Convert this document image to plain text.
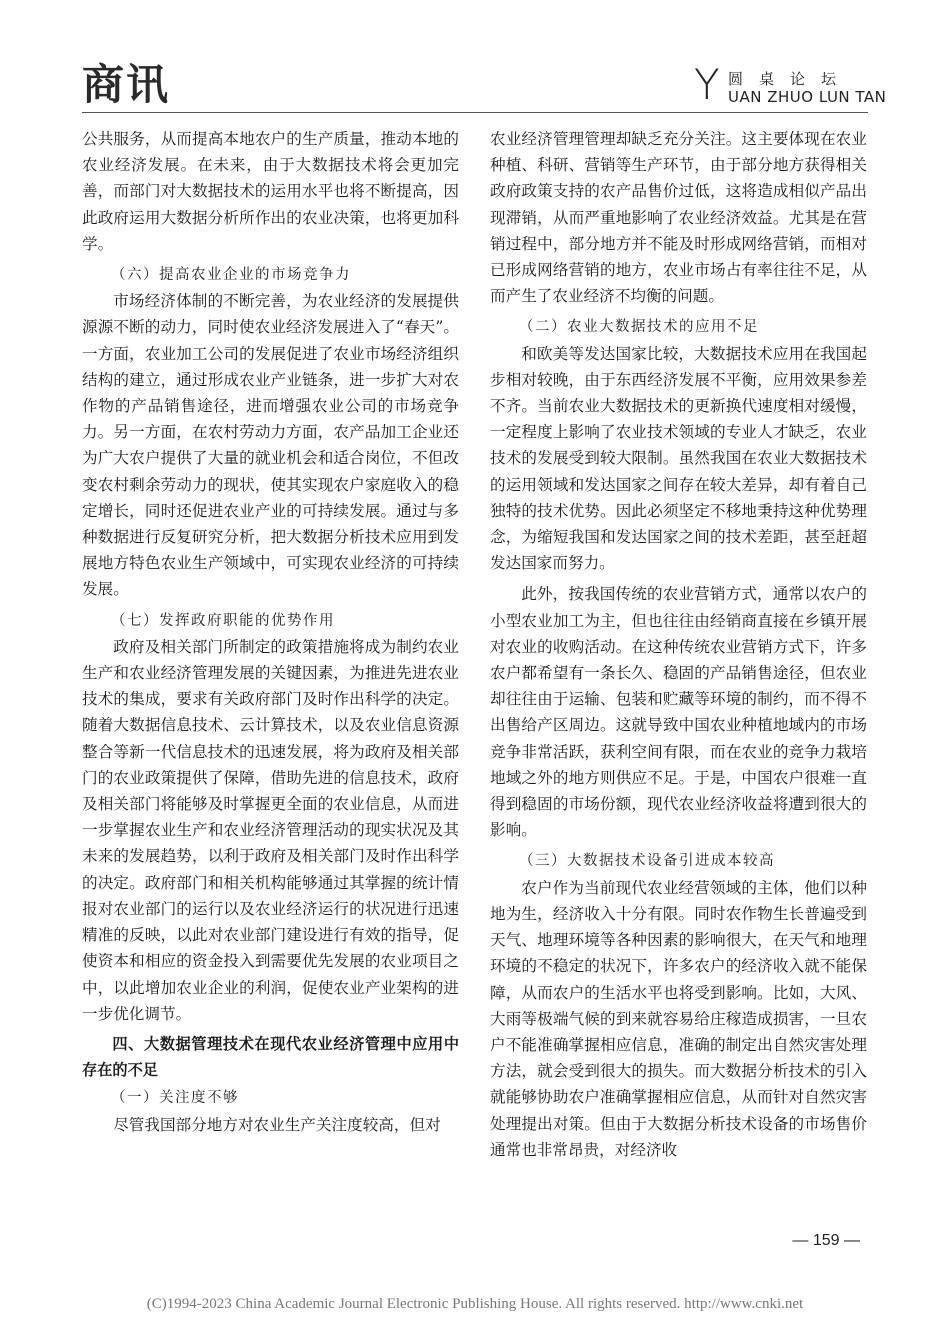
商讯	Y 圆桌论坛
UAN ZHUO LUN TAN

公共服务，从而提高本地农户的生产质量，推动本地的农业经济发展。在未来，由于大数据技术将会更加完善，而部门对大数据技术的运用水平也将不断提高，因此政府运用大数据分析所作出的农业决策，也将更加科学。

（六）提高农业企业的市场竞争力

市场经济体制的不断完善，为农业经济的发展提供源源不断的动力，同时使农业经济发展进入了“春天”。一方面，农业加工公司的发展促进了农业市场经济组织结构的建立，通过形成农业产业链条，进一步扩大对农作物的产品销售途径，进而增强农业公司的市场竞争力。另一方面，在农村劳动力方面，农产品加工企业还为广大农户提供了大量的就业机会和适合岗位，不但改变农村剩余劳动力的现状，使其实现农户家庭收入的稳定增长，同时还促进农业产业的可持续发展。通过与多种数据进行反复研究分析，把大数据分析技术应用到发展地方特色农业生产领域中，可实现农业经济的可持续发展。

（七）发挥政府职能的优势作用

政府及相关部门所制定的政策措施将成为制约农业生产和农业经济管理发展的关键因素，为推进先进农业技术的集成，要求有关政府部门及时作出科学的决定。随着大数据信息技术、云计算技术，以及农业信息资源整合等新一代信息技术的迅速发展，将为政府及相关部门的农业政策提供了保障，借助先进的信息技术，政府及相关部门将能够及时掌握更全面的农业信息，从而进一步掌握农业生产和农业经济管理活动的现实状况及其未来的发展趋势，以利于政府及相关部门及时作出科学的决定。政府部门和相关机构能够通过其掌握的统计情报对农业部门的运行以及农业经济运行的状况进行迅速精准的反映，以此对农业部门建设进行有效的指导，促使资本和相应的资金投入到需要优先发展的农业项目之中，以此增加农业企业的利润，促使农业产业架构的进一步优化调节。

四、大数据管理技术在现代农业经济管理中应用中存在的不足

（一）关注度不够

尽管我国部分地方对农业生产关注度较高，但对

农业经济管理管理却缺乏充分关注。这主要体现在农业种植、科研、营销等生产环节，由于部分地方获得相关政府政策支持的农产品售价过低，这将造成相似产品出现滞销，从而严重地影响了农业经济效益。尤其是在营销过程中，部分地方并不能及时形成网络营销，而相对已形成网络营销的地方，农业市场占有率往往不足，从而产生了农业经济不均衡的问题。

（二）农业大数据技术的应用不足

和欧美等发达国家比较，大数据技术应用在我国起步相对较晚，由于东西经济发展不平衡，应用效果参差不齐。当前农业大数据技术的更新换代速度相对缓慢，一定程度上影响了农业技术领域的专业人才缺乏，农业技术的发展受到较大限制。虽然我国在农业大数据技术的运用领域和发达国家之间存在较大差异，却有着自己独特的技术优势。因此必须坚定不移地秉持这种优势理念，为缩短我国和发达国家之间的技术差距，甚至赶超发达国家而努力。

此外，按我国传统的农业营销方式，通常以农户的小型农业加工为主，但也往往由经销商直接在乡镇开展对农业的收购活动。在这种传统农业营销方式下，许多农户都希望有一条长久、稳固的产品销售途径，但农业却往往由于运输、包装和贮藏等环境的制约，而不得不出售给产区周边。这就导致中国农业种植地域内的市场竞争非常活跃，获利空间有限，而在农业的竞争力栽培地域之外的地方则供应不足。于是，中国农户很难一直得到稳固的市场份额，现代农业经济收益将遭到很大的影响。

（三）大数据技术设备引进成本较高

农户作为当前现代农业经营领域的主体，他们以种地为生，经济收入十分有限。同时农作物生长普遍受到天气、地理环境等各种因素的影响很大，在天气和地理环境的不稳定的状况下，许多农户的经济收入就不能保障，从而农户的生活水平也将受到影响。比如，大风、大雨等极端气候的到来就容易给庄稼造成损害，一旦农户不能准确掌握相应信息，准确的制定出自然灾害处理方法，就会受到很大的损失。而大数据分析技术的引入就能够协助农户准确掌握相应信息，从而针对自然灾害处理提出对策。但由于大数据分析技术设备的市场售价通常也非常昂贵，对经济收

— 159 —
(C)1994-2023 China Academic Journal Electronic Publishing House. All rights reserved. http://www.cnki.net
